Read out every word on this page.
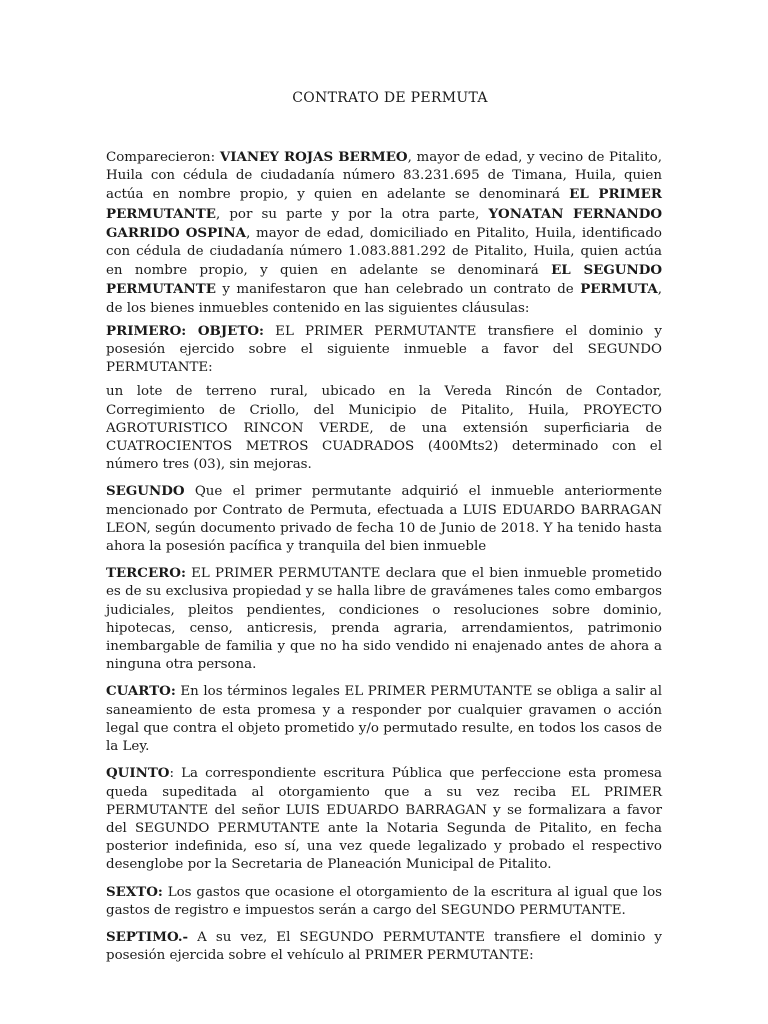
CONTRATO DE PERMUTA

Comparecieron: VIANEY ROJAS BERMEO, mayor de edad, y vecino de Pitalito, Huila con cédula de ciudadanía número 83.231.695 de Timana, Huila, quien actúa en nombre propio, y quien en adelante se denominará EL PRIMER PERMUTANTE, por su parte y por la otra parte, YONATAN FERNANDO GARRIDO OSPINA, mayor de edad, domiciliado en Pitalito, Huila, identificado con cédula de ciudadanía número 1.083.881.292 de Pitalito, Huila, quien actúa en nombre propio, y quien en adelante se denominará EL SEGUNDO PERMUTANTE y manifestaron que han celebrado un contrato de PERMUTA, de los bienes inmuebles contenido en las siguientes cláusulas:

PRIMERO: OBJETO: EL PRIMER PERMUTANTE transfiere el dominio y posesión ejercido sobre el siguiente inmueble a favor del SEGUNDO PERMUTANTE:

un lote de terreno rural, ubicado en la Vereda Rincón de Contador, Corregimiento de Criollo, del Municipio de Pitalito, Huila, PROYECTO AGROTURISTICO RINCON VERDE, de una extensión superficiaria de CUATROCIENTOS METROS CUADRADOS (400Mts2) determinado con el número tres (03), sin mejoras.

SEGUNDO Que el primer permutante adquirió el inmueble anteriormente mencionado por Contrato de Permuta, efectuada a LUIS EDUARDO BARRAGAN LEON, según documento privado de fecha 10 de Junio de 2018. Y ha tenido hasta ahora la posesión pacífica y tranquila del bien inmueble

TERCERO: EL PRIMER PERMUTANTE declara que el bien inmueble prometido es de su exclusiva propiedad y se halla libre de gravámenes tales como embargos judiciales, pleitos pendientes, condiciones o resoluciones sobre dominio, hipotecas, censo, anticresis, prenda agraria, arrendamientos, patrimonio inembargable de familia y que no ha sido vendido ni enajenado antes de ahora a ninguna otra persona.

CUARTO: En los términos legales EL PRIMER PERMUTANTE se obliga a salir al saneamiento de esta promesa y a responder por cualquier gravamen o acción legal que contra el objeto prometido y/o permutado resulte, en todos los casos de la Ley.

QUINTO: La correspondiente escritura Pública que perfeccione esta promesa queda supeditada al otorgamiento que a su vez reciba EL PRIMER PERMUTANTE del señor LUIS EDUARDO BARRAGAN y se formalizara a favor del SEGUNDO PERMUTANTE ante la Notaria Segunda de Pitalito, en fecha posterior indefinida, eso sí, una vez quede legalizado y probado el respectivo desenglobe por la Secretaria de Planeación Municipal de Pitalito.

SEXTO: Los gastos que ocasione el otorgamiento de la escritura al igual que los gastos de registro e impuestos serán a cargo del SEGUNDO PERMUTANTE.

SEPTIMO.- A su vez, El SEGUNDO PERMUTANTE transfiere el dominio y posesión ejercida sobre el vehículo al PRIMER PERMUTANTE:
